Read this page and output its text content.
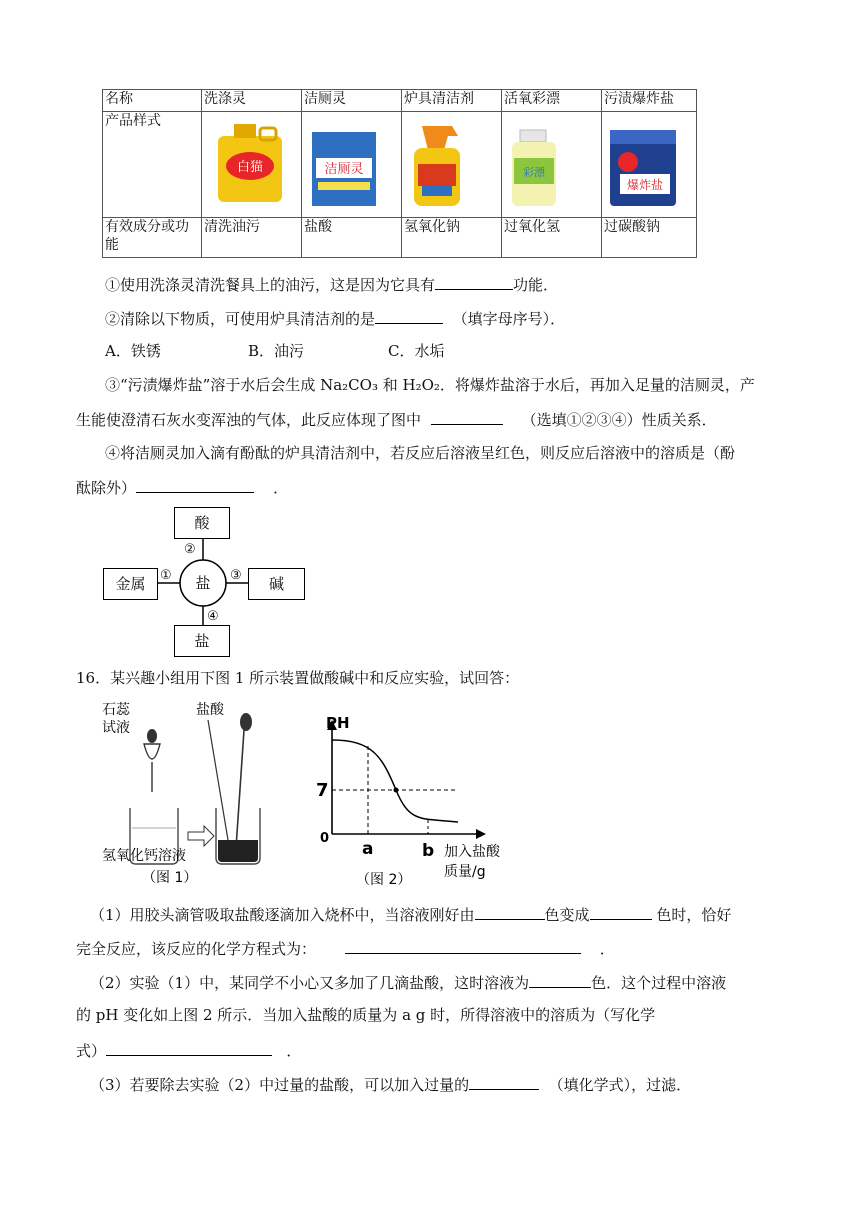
名称	洗涤灵	洁厕灵	炉具清洁剂	活氧彩漂	污渍爆炸盐
产品样式	白猫	洁厕灵		彩漂	爆炸盐

有效成分或功能	清洗油污	盐酸	氢氧化钠	过氧化氢	过碳酸钠
①使用洗涤灵清洗餐具上的油污，这是因为它具有	功能．
②清除以下物质，可使用炉具清洁剂的是	（填字母序号）．
A．铁锈	B．油污	C．水垢
③“污渍爆炸盐”溶于水后会生成 Na₂CO₃ 和 H₂O₂．将爆炸盐溶于水后，再加入足量的洁厕灵，产
生能使澄清石灰水变浑浊的气体，此反应体现了图中	（选填①②③④）性质关系．
④将洁厕灵加入滴有酚酞的炉具清洁剂中，若反应后溶液呈红色，则反应后溶液中的溶质是（酚
酞除外）	．
酸
金属	盐	碱
盐
②
①	③
④
16．某兴趣小组用下图 1 所示装置做酸碱中和反应实验，试回答：
石蕊
试液
盐酸
氢氧化钙溶液
（图 1）
PH
7
0
a	b 加入盐酸
质量/g
（图 2）
（1）用胶头滴管吸取盐酸逐滴加入烧杯中，当溶液刚好由	色变成	色时，恰好
完全反应，该反应的化学方程式为：	．
（2）实验（1）中，某同学不小心又多加了几滴盐酸，这时溶液为	色．这个过程中溶液
的 pH 变化如上图 2 所示．当加入盐酸的质量为 a g 时，所得溶液中的溶质为（写化学
式）	．
（3）若要除去实验（2）中过量的盐酸，可以加入过量的	（填化学式），过滤．
